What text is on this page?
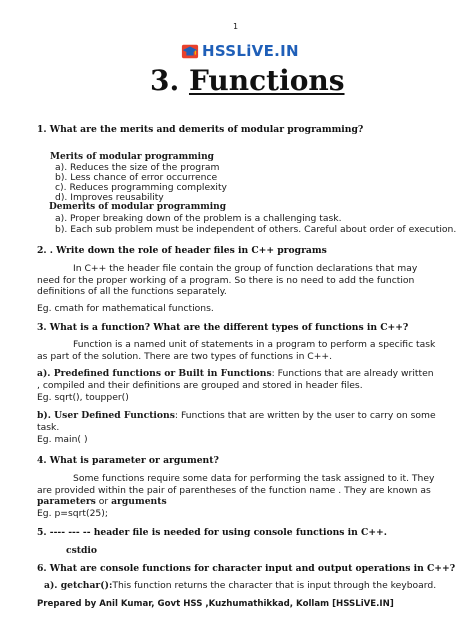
1
HSSLiVE.IN
3. Functions
1. What are the merits and demerits of modular programming?
Merits of modular programming
a). Reduces the size of the program
b). Less chance of error occurrence
c). Reduces programming complexity
d). Improves reusability
Demerits of modular programming
a). Proper breaking down of the problem is a challenging task.
b). Each sub problem must be independent of others. Careful about order of execution.
2. . Write down the role of header files in C++ programs
In C++ the header file contain the group of function declarations that may need for the proper working of a program. So there is no need to add the function definitions of all the functions separately.
Eg. cmath for mathematical functions.
3. What is a function? What are the different types of functions in C++?
Function is a named unit of statements in a program to perform a specific task as part of the solution. There are two types of functions in C++.
a). Predefined functions or Built in Functions: Functions that are already written , compiled and their definitions are grouped and stored in header files.
Eg. sqrt(), toupper()
b). User Defined Functions: Functions that are written by the user to carry on some task.
Eg. main( )
4. What is parameter or argument?
Some functions require some data for performing the task assigned to it. They are provided within the pair of parentheses of the function name . They are known as parameters or arguments
Eg. p=sqrt(25);
5. ---- --- -- header file is needed for using console functions in C++.
cstdio
6. What are console functions for character input and output operations in C++?
a). getchar():This function returns the character that is input through the keyboard.
Prepared by Anil Kumar, Govt HSS ,Kuzhumathikkad, Kollam [HSSLiVE.IN]
